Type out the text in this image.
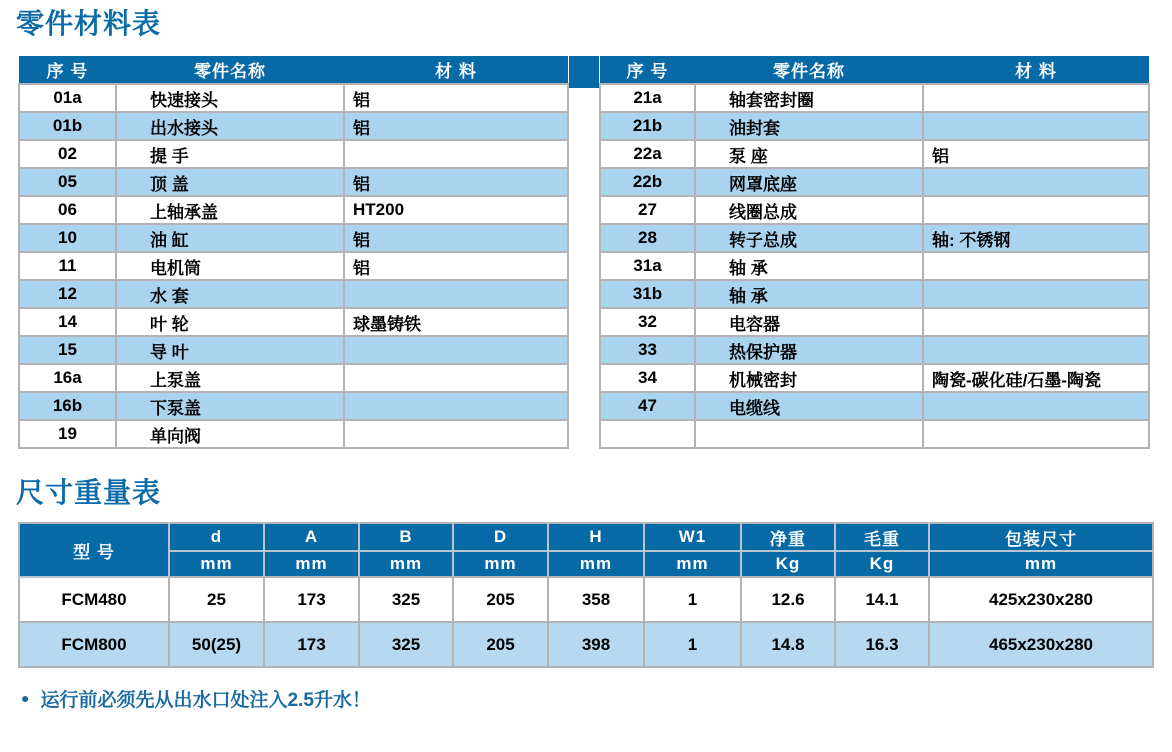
零件材料表
序 号	零件名称	材 料
01a	快速接头	铝
01b	出水接头	铝
02	提 手	
05	顶 盖	铝
06	上轴承盖	HT200
10	油 缸	铝
11	电机筒	铝
12	水 套	
14	叶 轮	球墨铸铁
15	导 叶	
16a	上泵盖	
16b	下泵盖	
19	单向阀	
序 号	零件名称	材 料
21a	轴套密封圈	
21b	油封套	
22a	泵 座	铝
22b	网罩底座	
27	线圈总成	
28	转子总成	轴: 不锈钢
31a	轴 承	
31b	轴 承	
32	电容器	
33	热保护器	
34	机械密封	陶瓷-碳化硅/石墨-陶瓷
47	电缆线	

尺寸重量表
型 号	d	A	B	D	H	W1	净重	毛重	包装尺寸
	mm	mm	mm	mm	mm	mm	Kg	Kg	mm
FCM480	25	173	325	205	358	1	12.6	14.1	425x230x280
FCM800	50(25)	173	325	205	398	1	14.8	16.3	465x230x280
● 运行前必须先从出水口处注入2.5升水！
